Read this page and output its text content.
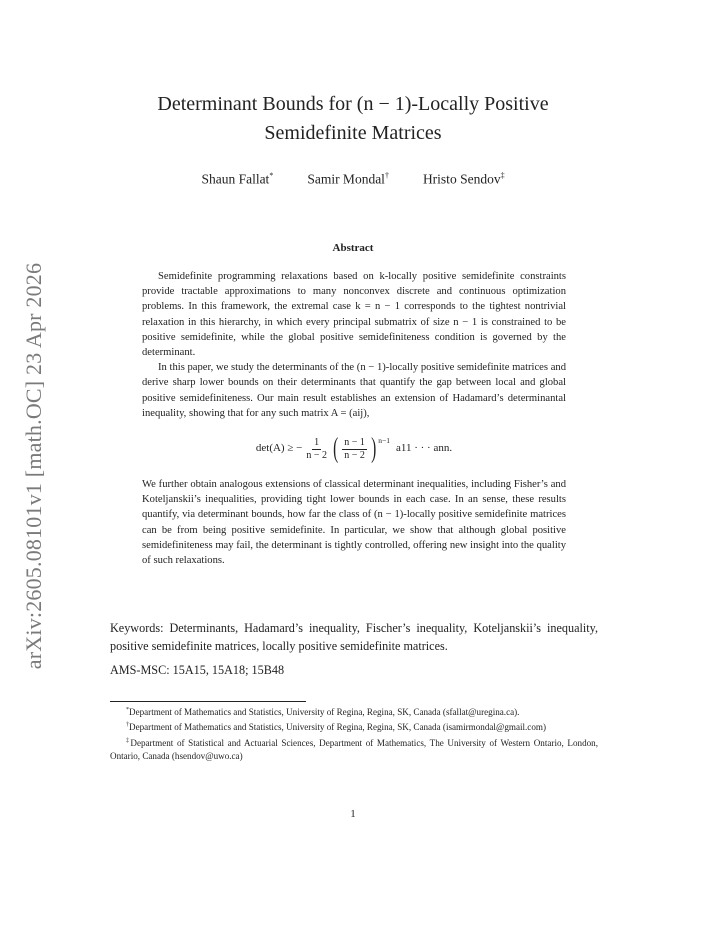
arXiv:2605.08101v1 [math.OC] 23 Apr 2026
Determinant Bounds for (n − 1)-Locally Positive
Semidefinite Matrices
Shaun Fallat*	Samir Mondal†	Hristo Sendov‡
Abstract

Semidefinite programming relaxations based on k-locally positive semidefinite constraints provide tractable approximations to many nonconvex discrete and continuous optimization problems. In this framework, the extremal case k = n − 1 corresponds to the tightest nontrivial relaxation in this hierarchy, in which every principal submatrix of size n − 1 is constrained to be positive semidefinite, while the global positive semidefiniteness condition is governed by the determinant.

In this paper, we study the determinants of the (n − 1)-locally positive semidefinite matrices and derive sharp lower bounds on their determinants that quantify the gap between local and global positive semidefiniteness. Our main result establishes an extension of Hadamard’s determinantal inequality, showing that for any such matrix A = (aij),

det(A) ≥ − $\frac{1}{n - 2}$ ( $\frac{n - 1}{n - 2}$ ) $^{n-1}$
a11 · · · ann.

We further obtain analogous extensions of classical determinant inequalities, including Fisher’s and Koteljanskii’s inequalities, providing tight lower bounds in each case. In an sense, these results quantify, via determinant bounds, how far the class of (n − 1)-locally positive semidefinite matrices can be from being positive semidefinite. In particular, we show that although global positive semidefiniteness may fail, the determinant is tightly controlled, offering new insight into the quality of such relaxations.

Keywords: Determinants, Hadamard’s inequality, Fischer’s inequality, Koteljanskii’s inequality, positive semidefinite matrices, locally positive semidefinite matrices.
AMS-MSC: 15A15, 15A18; 15B48

*Department of Mathematics and Statistics, University of Regina, Regina, SK, Canada (sfallat@uregina.ca).

†Department of Mathematics and Statistics, University of Regina, Regina, SK, Canada (isamirmondal@gmail.com)

‡Department of Statistical and Actuarial Sciences, Department of Mathematics, The University of Western Ontario, London, Ontario, Canada (hsendov@uwo.ca)

1
